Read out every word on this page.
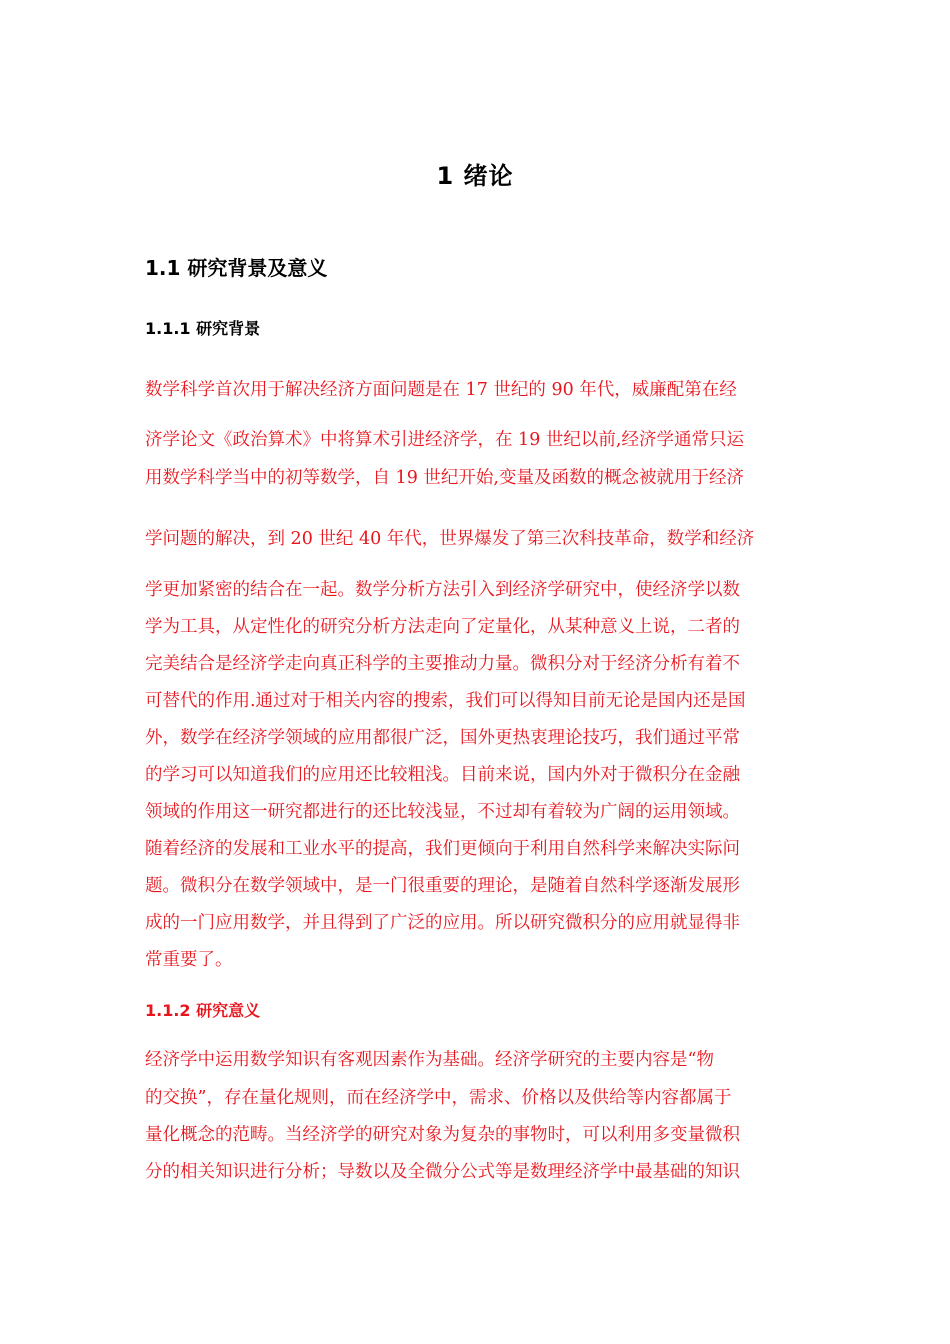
1 绪论
1.1 研究背景及意义
1.1.1 研究背景
数学科学首次用于解决经济方面问题是在 17 世纪的 90 年代，威廉配第在经
济学论文《政治算术》中将算术引进经济学，在 19 世纪以前,经济学通常只运
用数学科学当中的初等数学，自 19 世纪开始,变量及函数的概念被就用于经济
学问题的解决，到 20 世纪 40 年代，世界爆发了第三次科技革命，数学和经济
学更加紧密的结合在一起。数学分析方法引入到经济学研究中，使经济学以数
学为工具，从定性化的研究分析方法走向了定量化，从某种意义上说，二者的
完美结合是经济学走向真正科学的主要推动力量。微积分对于经济分析有着不
可替代的作用.通过对于相关内容的搜索，我们可以得知目前无论是国内还是国
外，数学在经济学领域的应用都很广泛，国外更热衷理论技巧，我们通过平常
的学习可以知道我们的应用还比较粗浅。目前来说，国内外对于微积分在金融
领域的作用这一研究都进行的还比较浅显，不过却有着较为广阔的运用领域。
随着经济的发展和工业水平的提高，我们更倾向于利用自然科学来解决实际问
题。微积分在数学领域中，是一门很重要的理论，是随着自然科学逐渐发展形
成的一门应用数学，并且得到了广泛的应用。所以研究微积分的应用就显得非
常重要了。
1.1.2 研究意义
经济学中运用数学知识有客观因素作为基础。经济学研究的主要内容是“物
的交换”，存在量化规则，而在经济学中，需求、价格以及供给等内容都属于
量化概念的范畴。当经济学的研究对象为复杂的事物时，可以利用多变量微积
分的相关知识进行分析；导数以及全微分公式等是数理经济学中最基础的知识
